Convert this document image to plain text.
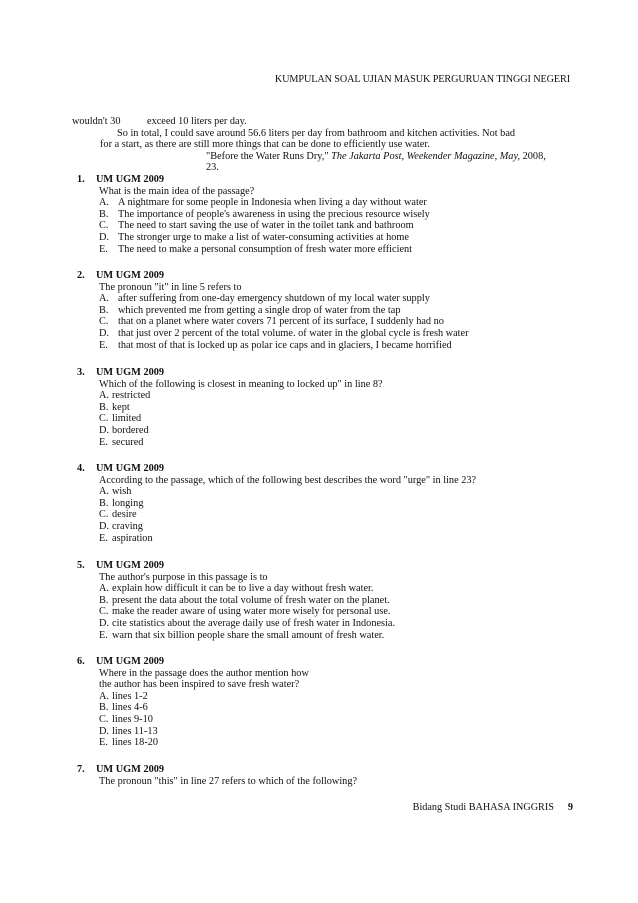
KUMPULAN SOAL UJIAN MASUK PERGURUAN TINGGI NEGERI
wouldn't 30	exceed 10 liters per day.
So in total, I could save around 56.6 liters per day from bathroom and kitchen activities. Not bad
for a start, as there are still more things that can be done to efficiently use water.
"Before the Water Runs Dry," The Jakarta Post, Weekender Magazine, May, 2008,
23.
1. UM UGM 2009
What is the main idea of the passage?
A. A nightmare for some people in Indonesia when living a day without water
B. The importance of people's awareness in using the precious resource wisely
C. The need to start saving the use of water in the toilet tank and bathroom
D. The stronger urge to make a list of water-consuming activities at home
E. The need to make a personal consumption of fresh water more efficient
2. UM UGM 2009
The pronoun "it" in line 5 refers to
A. after suffering from one-day emergency shutdown of my local water supply
B. which prevented me from getting a single drop of water from the tap
C. that on a planet where water covers 71 percent of its surface, I suddenly had no
D. that just over 2 percent of the total volume. of water in the global cycle is fresh water
E. that most of that is locked up as polar ice caps and in glaciers, I became horrified
3. UM UGM 2009
Which of the following is closest in meaning to locked up" in line 8?
A. restricted
B. kept
C. limited
D. bordered
E. secured
4. UM UGM 2009
According to the passage, which of the following best describes the word "urge" in line 23?
A. wish
B. longing
C. desire
D. craving
E. aspiration
5. UM UGM 2009
The author's purpose in this passage is to
A. explain how difficult it can be to live a day without fresh water.
B. present the data about the total volume of fresh water on the planet.
C. make the reader aware of using water more wisely for personal use.
D. cite statistics about the average daily use of fresh water in Indonesia.
E. warn that six billion people share the small amount of fresh water.
6. UM UGM 2009
Where in the passage does the author mention how
the author has been inspired to save fresh water?
A. lines 1-2
B. lines 4-6
C. lines 9-10
D. lines 11-13
E. lines 18-20
7. UM UGM 2009
The pronoun "this" in line 27 refers to which of the following?
Bidang Studi BAHASA INGGRIS 9
